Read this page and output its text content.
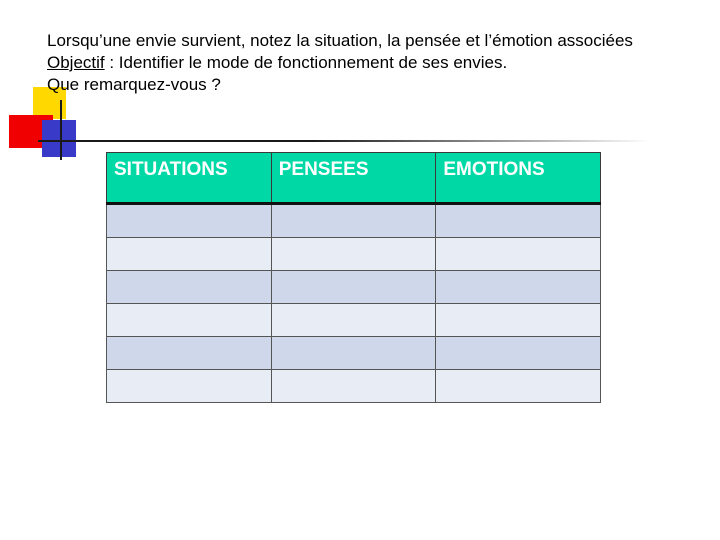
Lorsqu’une envie survient, notez la situation, la pensée et l’émotion associées
Objectif : Identifier le mode de fonctionnement de ses envies.
Que remarquez-vous ?
SITUATIONS	PENSEES	EMOTIONS
